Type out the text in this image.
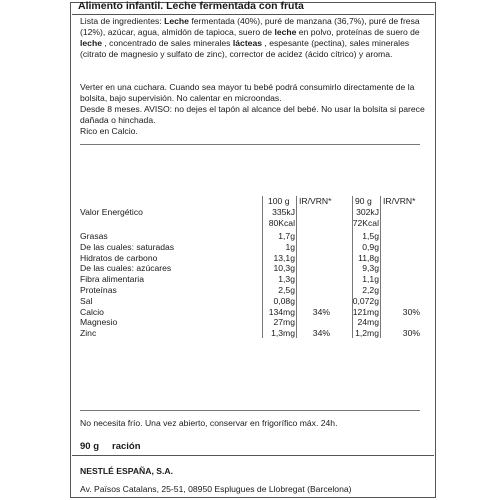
Alimento infantil. Leche fermentada con fruta
Lista de ingredientes: Leche fermentada (40%), puré de manzana (36,7%), puré de fresa (12%), azúcar, agua, almidón de tapioca, suero de leche en polvo, proteínas de suero de leche , concentrado de sales minerales lácteas , espesante (pectina), sales minerales (citrato de magnesio y sulfato de zinc), corrector de acidez (ácido cítrico) y aroma.
Verter en una cuchara. Cuando sea mayor tu bebé podrá consumirlo directamente de la bolsita, bajo supervisión. No calentar en microondas.
Desde 8 meses. AVISO: no dejes el tapón al alcance del bebé. No usar la bolsita si parece dañada o hinchada.
Rico en Calcio.
100 g IR/VRN*	90 g IR/VRN*
Valor Energético	335kJ	302kJ
80Kcal	72Kcal
Grasas	1,7g	1,5g
De las cuales: saturadas	1g	0,9g
Hidratos de carbono	13,1g	11,8g
De las cuales: azúcares	10,3g	9,3g
Fibra alimentaria	1,3g	1,1g
Proteínas	2,5g	2,2g
Sal	0,08g	0,072g
Calcio	134mg	34%	121mg	30%
Magnesio	27mg	24mg
Zinc	1,3mg	34%	1,2mg	30%
No necesita frío. Una vez abierto, conservar en frigorífico máx. 24h.
90 g ración
NESTLÉ ESPAÑA, S.A.
Av. Països Catalans, 25-51, 08950 Esplugues de Llobregat (Barcelona)
